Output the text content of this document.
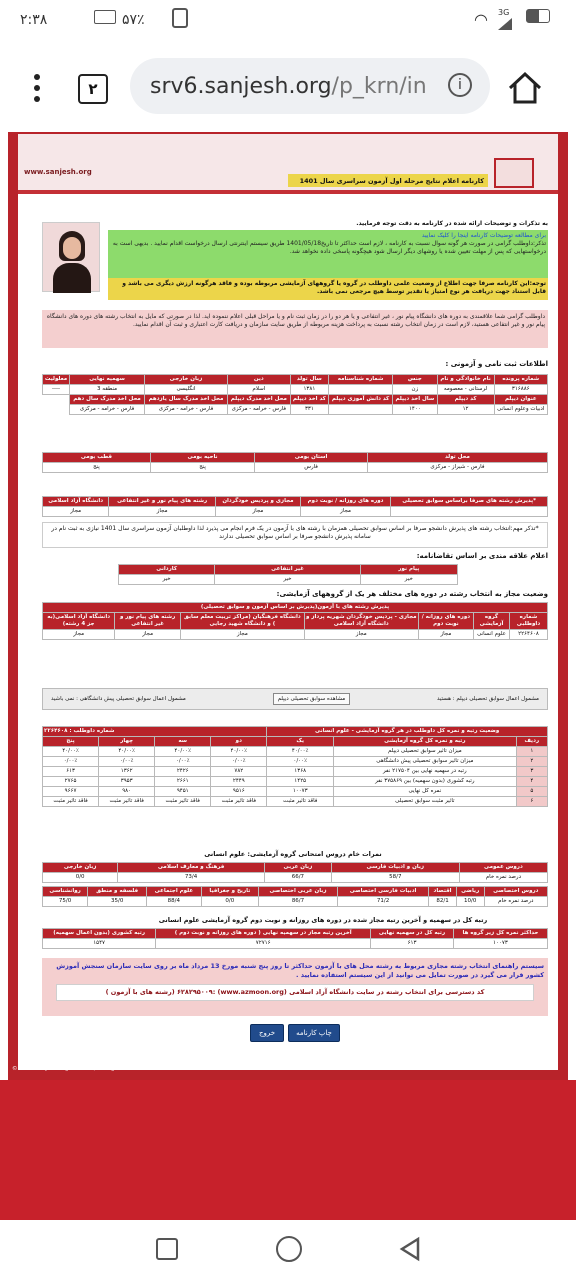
۲:۳۸	۵۷٪	◠ 3G
۲	srv6.sanjesh.org /p_krn/in	i
www.sanjesh.org
کارنامه اعلام نتایج مرحله اول آزمون سراسری سال 1401
به تذکرات و توضیحات ارائه شده در کارنامه به دقت توجه فرمایید.
برای مطالعه توضیحات کارنامه اینجا را کلیک نمایید
تذکر:داوطلب گرامی در صورت هر گونه سوال نسبت به کارنامه ، لازم است حداکثر تا تاریخ1401/05/18 طریق سیستم اینترنتی ارسال درخواست اقدام نمایید . بدیهی است به درخواستهایی که پس از مهلت تعیین شده یا روشهای دیگر ارسال شود هیچگونه پاسخی داده نخواهد شد.
توجه:این کارنامه صرفا جهت اطلاع از وضعیت علمی داوطلب در گروه یا گروههای آزمایشی مربوطه بوده و فاقد هرگونه ارزش دیگری می باشد و قابل استناد جهت دریافت هر نوع امتیاز یا تقدیر توسط هیچ مرجعی نمی باشد.
داوطلب گرامی شما علاقمندی به دوره های دانشگاه پیام نور ، غیر انتفاعی و یا هر دو را در زمان ثبت نام و یا مراحل قبلی اعلام ننموده اید. لذا در صورتی که مایل به انتخاب رشته های دوره های دانشگاه پیام نور و غیر انتفاعی هستید، لازم است در زمان انتخاب رشته نسبت به پرداخت هزینه مربوطه از طریق سایت سازمان و دریافت کارت اعتباری و ثبت آن اقدام نمایید.
اطلاعات ثبت نامی و آزمونی :
شماره پرونده	نام خانوادگی و نام	جنس	شماره شناسنامه	سال تولد	دین	زبان خارجی	سهمیه نهایی	معلولیت
۳۱۶۸۸۶	لرستانی - معصومه	زن		۱۳۸۱	اسلام	انگلیسی	منطقه 3	----
عنوان دیپلم	کد دیپلم	سال اخذ دیپلم	کد دانش آموزی دیپلم	کد اخذ دیپلم	محل اخذ مدرک دیپلم	محل اخذ مدرک سال یازدهم	محل اخذ مدرک سال دهم	
ادبیات وعلوم انسانی	۱۲	۱۴۰۰		۳۳۱	فارس - خرامه - مرکزی	فارس - خرامه - مرکزی	فارس - خرامه - مرکزی	
محل تولد	استان بومی	ناحیه بومی	قطب بومی
فارس - شیراز - مرکزی	فارس	پنج	پنج
*پذیرش رشته های صرفا براساس سوابق تحصیلی	دوره های روزانه / نوبت دوم	مجازی و پردیس خودگردان	رشته های پیام نور و غیر انتفاعی	دانشگاه آزاد اسلامی
	مجاز	مجاز	مجاز	مجاز
*تذکر مهم:انتخاب رشته های پذیرش دانشجو صرفا بر اساس سوابق تحصیلی همزمان با رشته های با آزمون در یک فرم انجام می پذیرد لذا داوطلبان آزمون سراسری سال 1401 نیازی به ثبت نام در سامانه پذیرش دانشجو صرفا بر اساس سوابق تحصیلی ندارند
اعلام علاقه مندی بر اساس تقاضانامه:
پیام نور	غیر انتفاعی	کاردانی
خیر	خیر	خیر
وضعیت مجاز به انتخاب رشته در دوره های مختلف هر یک از گروههای آزمایشی:
پذیرش رشته های با آزمون(پذیرش بر اساس آزمون و سوابق تحصیلی)						
شماره داوطلبی	گروه آزمایشی	دوره های روزانه / نوبت دوم	مجازی - پردیس خودگردان شهریه پرداز و دانشگاه آزاد اسلامی	دانشگاه فرهنگیان (مراکز تربیت معلم سابق ) و دانشگاه شهید رجایی	رشته های پیام نور و غیر انتفاعی	دانشگاه آزاد اسلامی(به جز 4 رشته)
۲۲۶۴۶۰۸	علوم انسانی	مجاز	مجاز	مجاز	مجاز	مجاز
مشمول اعمال سوابق تحصیلی دیپلم : هستید
مشاهده سوابق تحصیلی دیپلم
مشمول اعمال سوابق تحصیلی پیش دانشگاهی : نمی باشید
وضعیت رتبه و نمره کل داوطلب در هر گروه آزمایشی - علوم انسانی			شماره داوطلب : ۲۲۶۴۶۰۸			
ردیف	رتبه و نمره کل گروه آزمایشی	یک	دو	سه	چهار	پنج
۱	میزان تاثیر سوابق تحصیلی دیپلم	۴۰/۰۰٪	۴۰/۰۰٪	۴۰/۰۰٪	۴۰/۰۰٪	۴۰/۰۰٪
۲	میزان تاثیر سوابق تحصیلی پیش دانشگاهی	۰/۰۰٪	۰/۰۰٪	۰/۰۰٪	۰/۰۰٪	۰/۰۰٪
۳	رتبه در سهمیه نهایی بین ۲۱۷۵۰۴ نفر	۱۳۶۸	۷۸۲	۲۴۲۶	۱۳۶۲	۶۱۳
۴	رتبه کشوری (بدون سهمیه) بین ۳۷۵۸۶۹ نفر	۱۴۲۵	۲۴۴۹	۲۶۶۱	۳۹۵۳	۲۷۶۵
۵	نمره کل نهایی	۱۰۰۷۳	۹۵۱۶	۹۴۵۱	۹۸۰	۹۶۶۷
۶	تاثیر مثبت سوابق تحصیلی	فاقد تاثیر مثبت	فاقد تاثیر مثبت	فاقد تاثیر مثبت	فاقد تاثیر مثبت	فاقد تاثیر مثبت
نمرات خام دروس امتحانی گروه آزمایشی: علوم انسانی
دروس عمومی	زبان و ادبیات فارسی	زبان عربی	فرهنگ و معارف اسلامی	زبان خارجی
درصد نمره خام	58/7	66/7	73/4	0/0
دروس اختصاصی	ریاضی	اقتصاد	ادبیات فارسی اختصاصی	زبان عربی اختصاصی	تاریخ و جغرافیا	علوم اجتماعی	فلسفه و منطق	روانشناسی
درصد نمره خام	10/0	82/1	71/2	86/7	0/0	88/4	35/0	75/0
رتبه کل در سهمیه و آخرین رتبه مجاز شده در دوره های روزانه و نوبت دوم گروه آزمایشی علوم انسانی
حداکثر نمره کل زیر گروه ها	رتبه کل در سهمیه نهایی	آخرین رتبه مجاز در سهمیه نهایی ( دوره های روزانه و نوبت دوم )	رتبه کشوری (بدون اعمال سهمیه)
۱۰۰۷۳	۶۱۳	۷۲۷۱۶	۱۵۴۷
سیستم راهنمای انتخاب رشته مجازی مربوط به رشته محل های با آزمون حداکثر تا روز پنج شنبه مورخ 13 مرداد ماه بر روی سایت سازمان سنجش آموزش کشور قرار می گیرد در صورت تمایل می توانید از این سیستم استفاده نمایید .
کد دسترسی برای انتخاب رشته در سایت دانشگاه آزاد اسلامی (www.azmoon.org) :۶۲۸۲۹۵۰۰۹ (رشته های با آزمون )
چاپ کارنامه
خروج
© 2022 Sanjesh Organization, All Right Reserved
